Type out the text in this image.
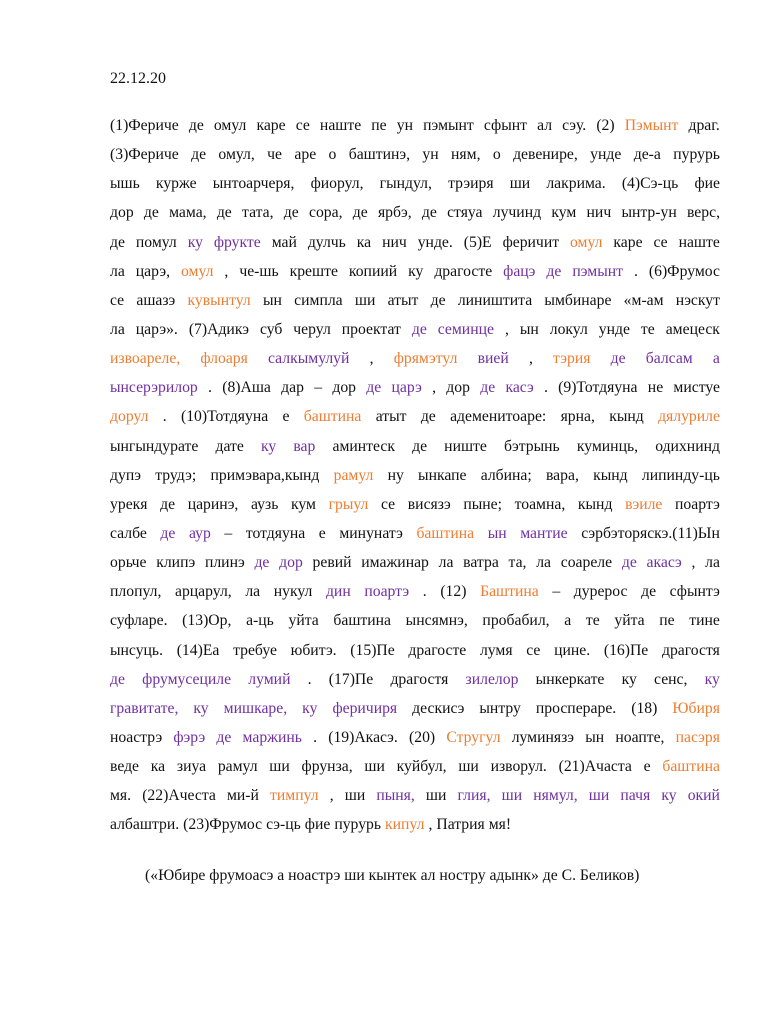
22.12.20

(1)Фериче де омул каре се наште пе ун пэмынт сфынт ал сэу. (2) Пэмынт драг.
(3)Фериче де омул, че аре о баштинэ, ун ням, о девенире, унде де-а пурурь
ышь курже ынтоарчеря, фиорул, гындул, трэиря ши лакрима. (4)Сэ-ць фие
дор де мама, де тата, де сора, де ярбэ, де стяуа лучинд кум нич ынтр-ун верс,
де помул ку фрукте май дулчь ка нич унде. (5)Е феричит омул каре се наште
ла царэ, омул , че-шь креште копиий ку драгосте фацэ де пэмынт . (6)Фрумос
се ашазэ кувынтул ын симпла ши атыт де лиништита ымбинаре «м-ам нэскут
ла царэ». (7)Адикэ суб черул проектат де семинце , ын локул унде те амецеск
извоареле, флоаря салкымулуй , фрямэтул вией , тэрия де балсам а
ынсерэрилор . (8)Аша дар – дор де царэ , дор де касэ . (9)Тотдяуна не мистуе
дорул . (10)Тотдяуна е баштина атыт де адеменитоаре: ярна, кынд дялуриле
ынгындурате дате ку вар аминтеск де ниште бэтрынь куминць, одихнинд
дупэ трудэ; примэвара,кынд рамул ну ынкапе албина; вара, кынд липинду-ць
урекя де царинэ, аузь кум грыул се висязэ пыне; тоамна, кынд вэиле поартэ
салбе де аур – тотдяуна е минунатэ баштина ын мантие сэрбэторяскэ.(11)Ын
орьче клипэ плинэ де дор ревий имажинар ла ватра та, ла соареле де акасэ , ла
плопул, арцарул, ла нукул дин поартэ . (12) Баштина – дурерос де сфынтэ
суфларе. (13)Ор, а-ць уйта баштина ынсямнэ, пробабил, а те уйта пе тине
ынсуць. (14)Еа требуе юбитэ. (15)Пе драгосте лумя се цине. (16)Пе драгостя
де фрумусециле лумий . (17)Пе драгостя зилелор ынкеркате ку сенс, ку
гравитате, ку мишкаре, ку феричиря дескисэ ынтру проспераре. (18) Юбиря
ноастрэ фэрэ де маржинь . (19)Акасэ. (20) Стругул луминязэ ын ноапте, пасэря
веде ка зиуа рамул ши фрунза, ши куйбул, ши изворул. (21)Ачаста е баштина
мя. (22)Ачеста ми-й тимпул , ши пыня, ши глия, ши нямул, ши пачя ку окий
албаштри. (23)Фрумос сэ-ць фие пурурь кипул , Патрия мя!

(«Юбире фрумоасэ а ноастрэ ши кынтек ал ностру адынк» де С. Беликов)
